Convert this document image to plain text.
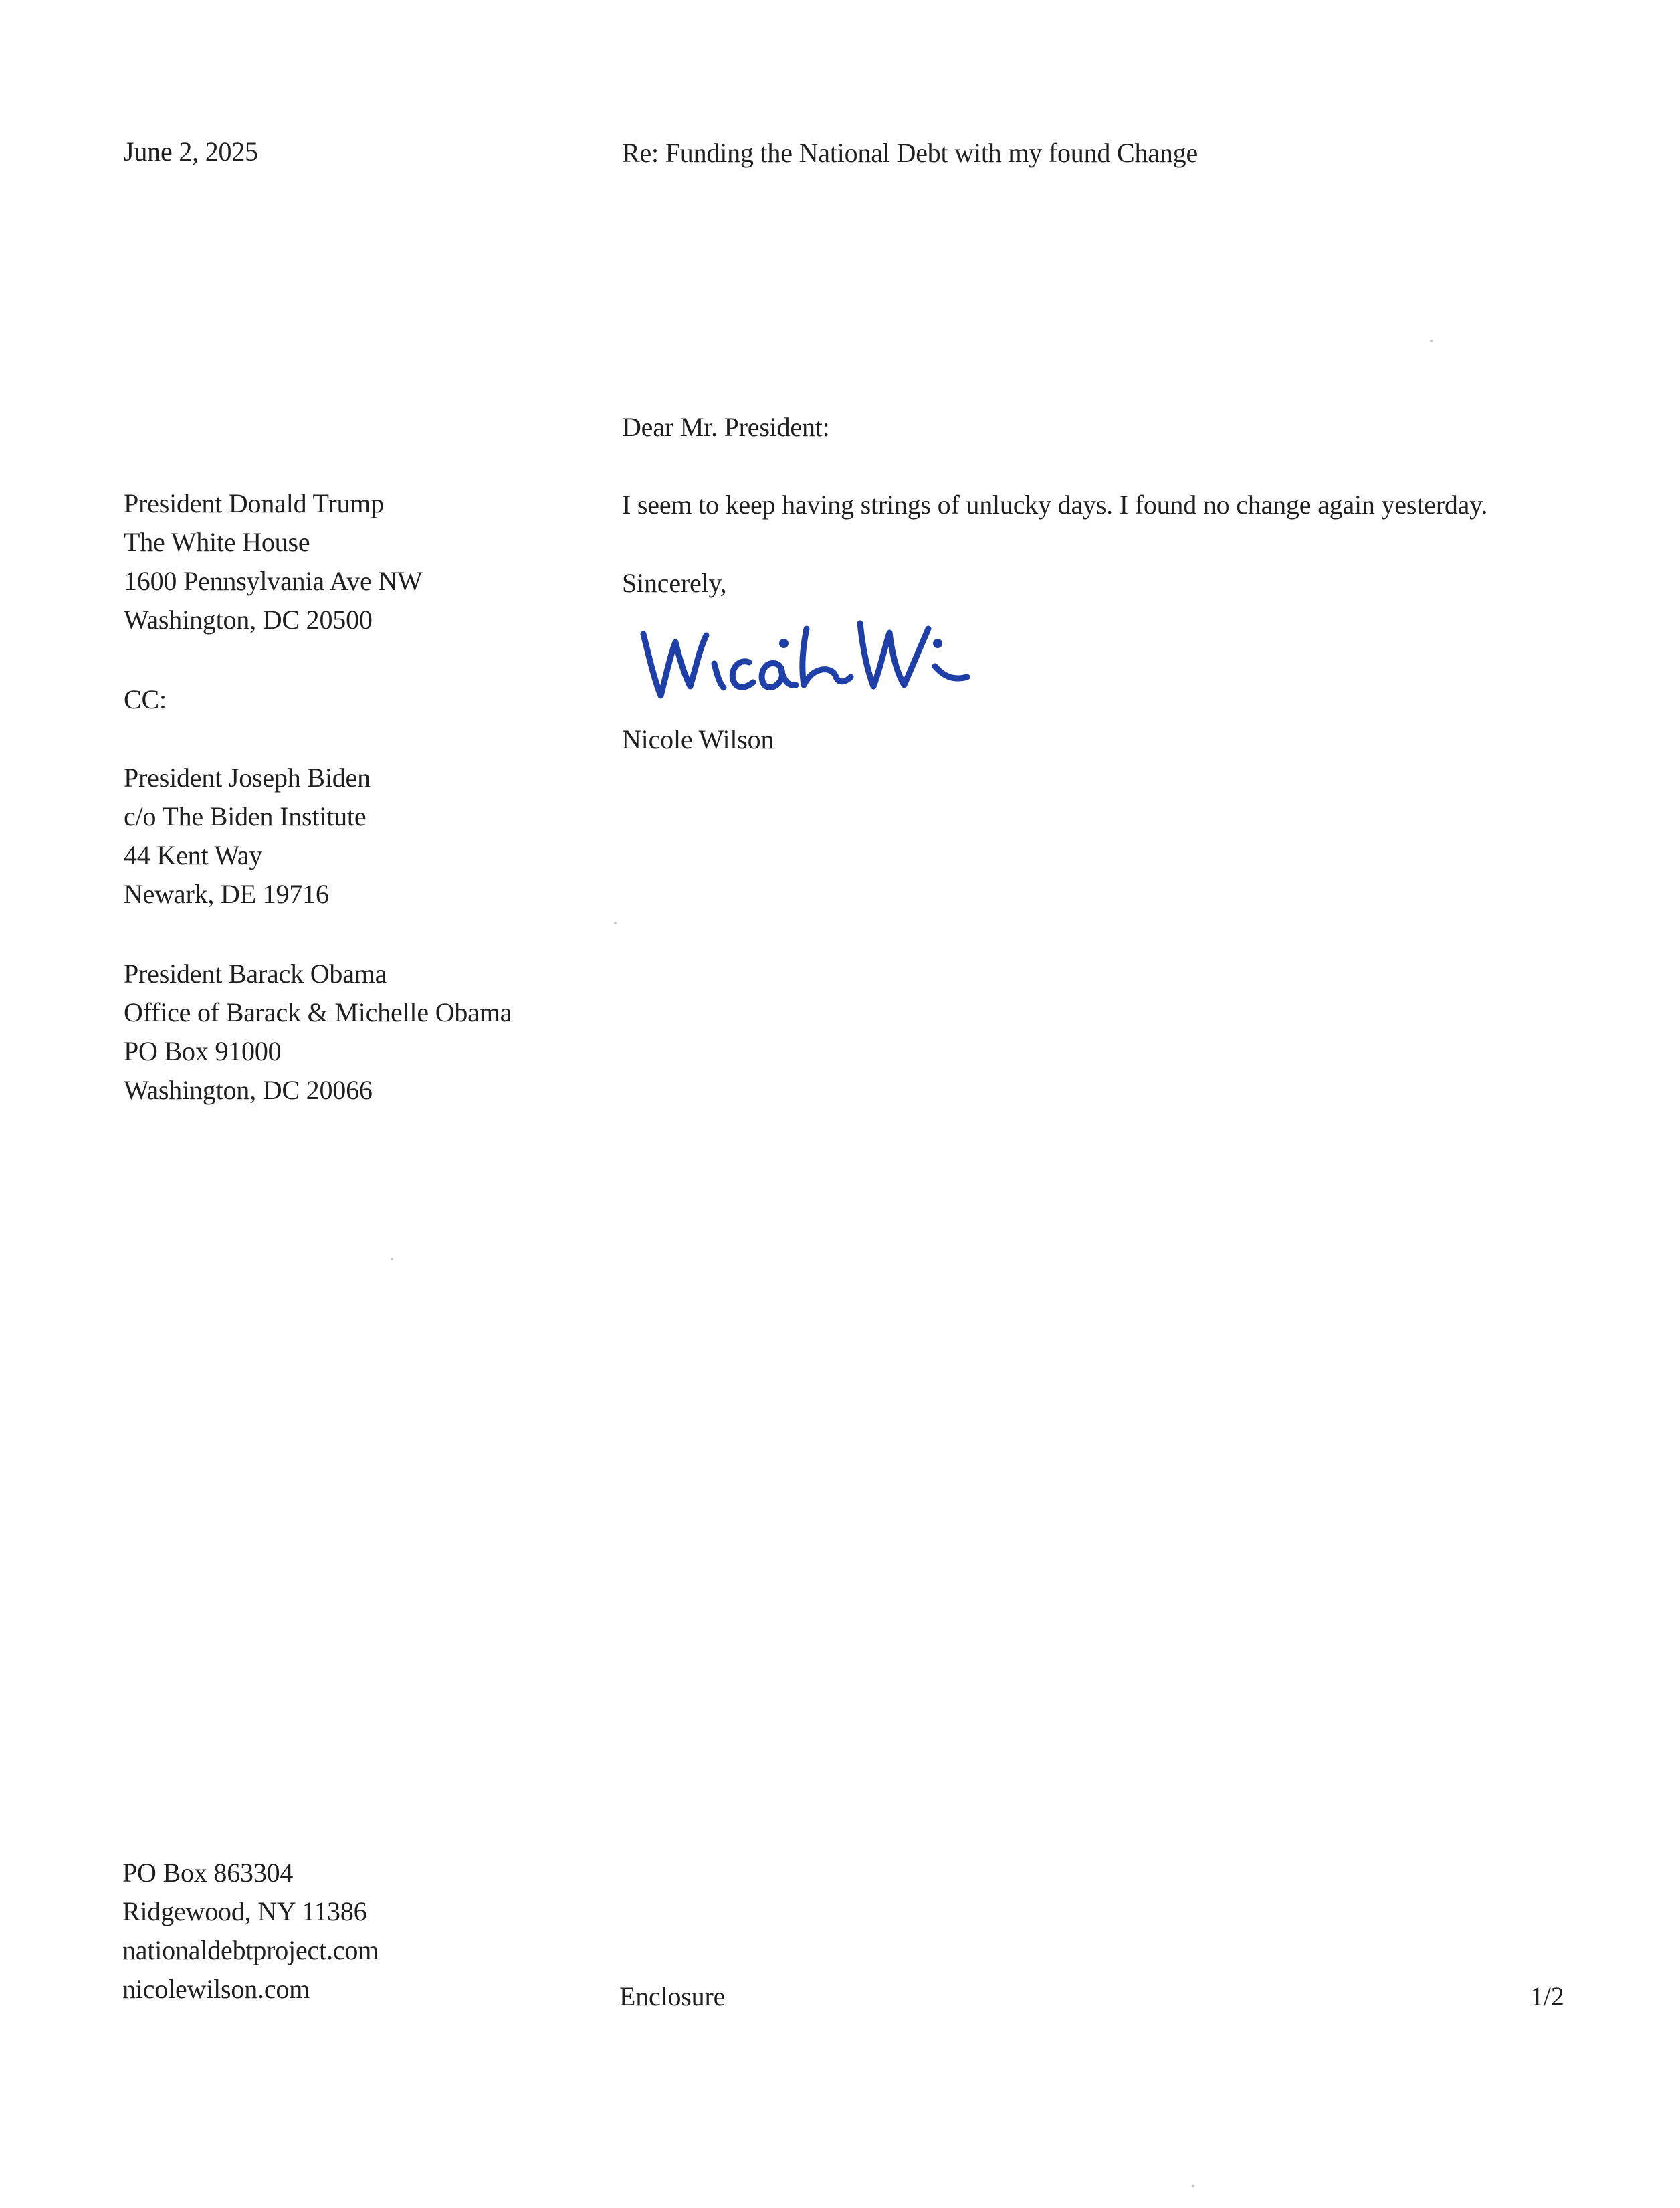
June 2, 2025	Re: Funding the National Debt with my found Change
Dear Mr. President:
President Donald Trump
The White House
1600 Pennsylvania Ave NW
Washington, DC 20500
CC:
President Joseph Biden
c/o The Biden Institute
44 Kent Way
Newark, DE 19716
President Barack Obama
Office of Barack & Michelle Obama
PO Box 91000
Washington, DC 20066
I seem to keep having strings of unlucky days. I found no change again yesterday.
Sincerely,
Nicole Wilson
PO Box 863304
Ridgewood, NY 11386
nationaldebtproject.com
nicolewilson.com	Enclosure	1/2
